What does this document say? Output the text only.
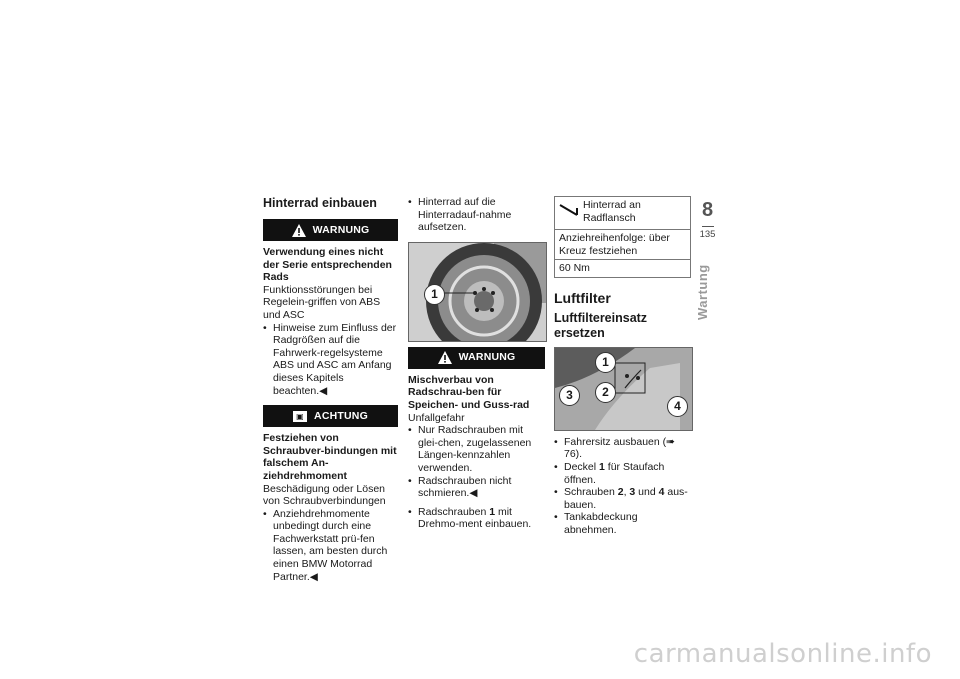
Hinterrad einbauen
WARNUNG

Verwendung eines nicht der Serie entsprechenden Rads

Funktionsstörungen bei Regelein-griffen von ABS und ASC

• Hinweise zum Einfluss der Radgrößen auf die Fahrwerk-regelsysteme ABS und ASC am Anfang dieses Kapitels beachten.◀
▣ ACHTUNG

Festziehen von Schraubver-bindungen mit falschem An-ziehdrehmoment

Beschädigung oder Lösen von Schraubverbindungen

• Anziehdrehmomente unbedingt durch eine Fachwerkstatt prü-fen lassen, am besten durch einen BMW Motorrad Partner.◀
• Hinterrad auf die Hinterradauf-nahme aufsetzen.
1
WARNUNG

Mischverbau von Radschrau-ben für Speichen- und Guss-rad

Unfallgefahr

• Nur Radschrauben mit glei-chen, zugelassenen Längen-kennzahlen verwenden.
• Radschrauben nicht schmieren.◀
• Radschrauben 1 mit Drehmo-ment einbauen.
Hinterrad an Radflansch
Anziehreihenfolge: über Kreuz festziehen
60 Nm
Luftfilter
Luftfiltereinsatz ersetzen
1
2
3
4
• Fahrersitz ausbauen (➠ 76).
• Deckel 1 für Staufach öffnen.
• Schrauben 2, 3 und 4 aus-bauen.
• Tankabdeckung abnehmen.
8
135
Wartung
carmanualsonline.info
